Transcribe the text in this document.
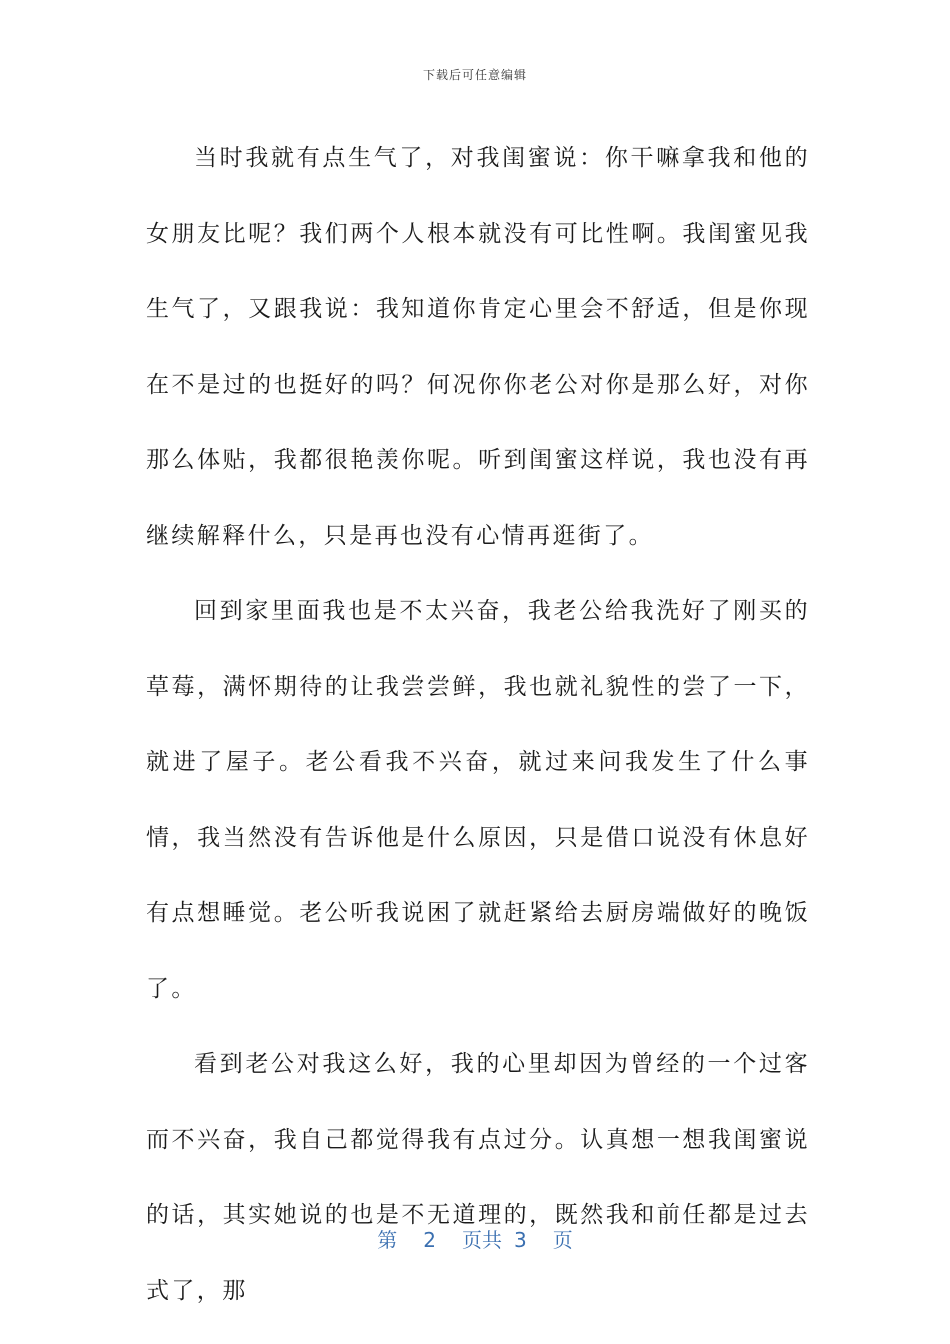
下载后可任意编辑

当时我就有点生气了，对我闺蜜说：你干嘛拿我和他的女朋友比呢？我们两个人根本就没有可比性啊。我闺蜜见我生气了，又跟我说：我知道你肯定心里会不舒适，但是你现在不是过的也挺好的吗？何况你你老公对你是那么好，对你那么体贴，我都很艳羡你呢。听到闺蜜这样说，我也没有再继续解释什么，只是再也没有心情再逛街了。

回到家里面我也是不太兴奋，我老公给我洗好了刚买的草莓，满怀期待的让我尝尝鲜，我也就礼貌性的尝了一下，就进了屋子。老公看我不兴奋，就过来问我发生了什么事情，我当然没有告诉他是什么原因，只是借口说没有休息好有点想睡觉。老公听我说困了就赶紧给去厨房端做好的晚饭了。

看到老公对我这么好，我的心里却因为曾经的一个过客而不兴奋，我自己都觉得我有点过分。认真想一想我闺蜜说的话，其实她说的也是不无道理的，既然我和前任都是过去式了，那

第 2 页共 3 页
